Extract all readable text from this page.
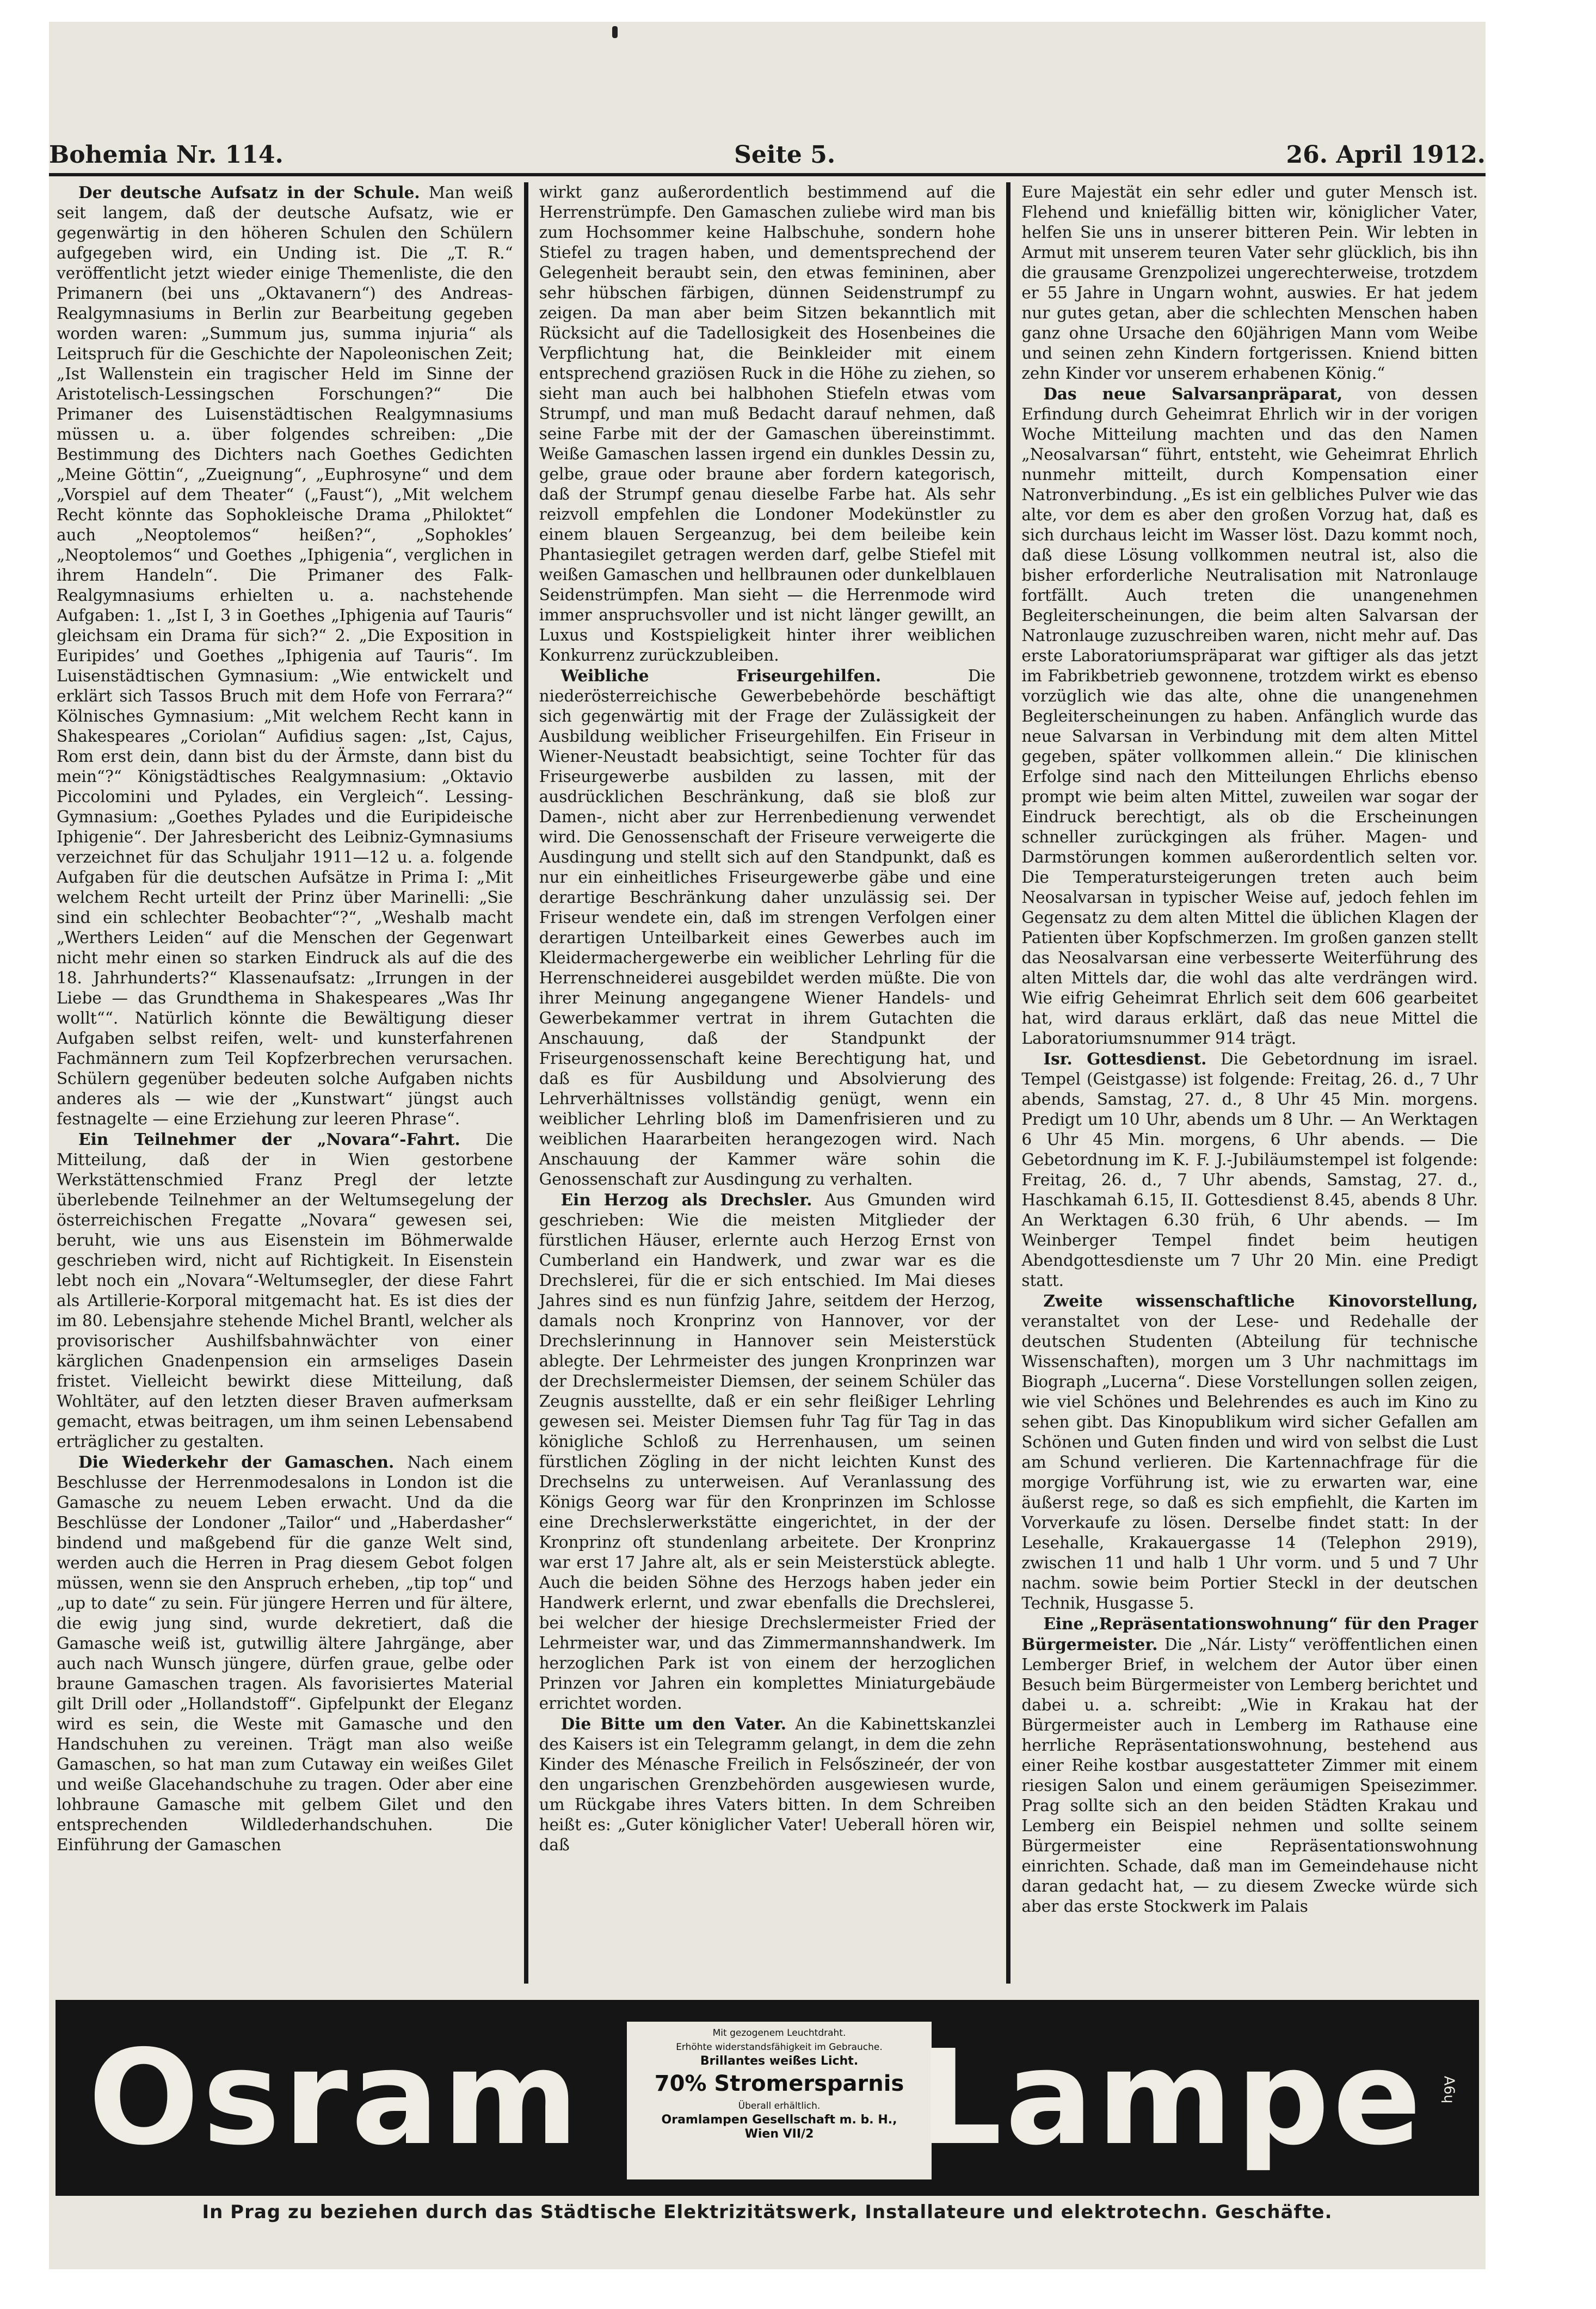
Bohemia Nr. 114.	Seite 5.	26. April 1912.

Der deutsche Aufsatz in der Schule. Man weiß seit langem, daß der deutsche Aufsatz, wie er gegenwärtig in den höheren Schulen den Schülern aufgegeben wird, ein Unding ist. Die „T. R.“ veröffentlicht jetzt wieder einige Themenliste, die den Primanern (bei uns „Oktavanern“) des Andreas-Realgymnasiums in Berlin zur Bearbeitung gegeben worden waren: „Summum jus, summa injuria“ als Leitspruch für die Geschichte der Napoleonischen Zeit; „Ist Wallenstein ein tragischer Held im Sinne der Aristotelisch-Lessingschen Forschungen?“ Die Primaner des Luisenstädtischen Realgymnasiums müssen u. a. über folgendes schreiben: „Die Bestimmung des Dichters nach Goethes Gedichten „Meine Göttin“, „Zueignung“, „Euphrosyne“ und dem „Vorspiel auf dem Theater“ („Faust“), „Mit welchem Recht könnte das Sophokleische Drama „Philoktet“ auch „Neoptolemos“ heißen?“, „Sophokles’ „Neoptolemos“ und Goethes „Iphigenia“, verglichen in ihrem Handeln“. Die Primaner des Falk-Realgymnasiums erhielten u. a. nachstehende Aufgaben: 1. „Ist I, 3 in Goethes „Iphigenia auf Tauris“ gleichsam ein Drama für sich?“ 2. „Die Exposition in Euripides’ und Goethes „Iphigenia auf Tauris“. Im Luisenstädtischen Gymnasium: „Wie entwickelt und erklärt sich Tassos Bruch mit dem Hofe von Ferrara?“ Kölnisches Gymnasium: „Mit welchem Recht kann in Shakespeares „Coriolan“ Aufidius sagen: „Ist, Cajus, Rom erst dein, dann bist du der Ärmste, dann bist du mein“?“ Königstädtisches Realgymnasium: „Oktavio Piccolomini und Pylades, ein Vergleich“. Lessing-Gymnasium: „Goethes Pylades und die Euripideische Iphigenie“. Der Jahresbericht des Leibniz-Gymnasiums verzeichnet für das Schuljahr 1911—12 u. a. folgende Aufgaben für die deutschen Aufsätze in Prima I: „Mit welchem Recht urteilt der Prinz über Marinelli: „Sie sind ein schlechter Beobachter“?“, „Weshalb macht „Werthers Leiden“ auf die Menschen der Gegenwart nicht mehr einen so starken Eindruck als auf die des 18. Jahrhunderts?“ Klassenaufsatz: „Irrungen in der Liebe — das Grundthema in Shakespeares „Was Ihr wollt““. Natürlich könnte die Bewältigung dieser Aufgaben selbst reifen, welt- und kunsterfahrenen Fachmännern zum Teil Kopfzerbrechen verursachen. Schülern gegenüber bedeuten solche Aufgaben nichts anderes als — wie der „Kunstwart“ jüngst auch festnagelte — eine Erziehung zur leeren Phrase“.

Ein Teilnehmer der „Novara“-Fahrt. Die Mitteilung, daß der in Wien gestorbene Werkstättenschmied Franz Pregl der letzte überlebende Teilnehmer an der Weltumsegelung der österreichischen Fregatte „Novara“ gewesen sei, beruht, wie uns aus Eisenstein im Böhmerwalde geschrieben wird, nicht auf Richtigkeit. In Eisenstein lebt noch ein „Novara“-Weltumsegler, der diese Fahrt als Artillerie-Korporal mitgemacht hat. Es ist dies der im 80. Lebensjahre stehende Michel Brantl, welcher als provisorischer Aushilfsbahnwächter von einer kärglichen Gnadenpension ein armseliges Dasein fristet. Vielleicht bewirkt diese Mitteilung, daß Wohltäter, auf den letzten dieser Braven aufmerksam gemacht, etwas beitragen, um ihm seinen Lebensabend erträglicher zu gestalten.

Die Wiederkehr der Gamaschen. Nach einem Beschlusse der Herrenmodesalons in London ist die Gamasche zu neuem Leben erwacht. Und da die Beschlüsse der Londoner „Tailor“ und „Haberdasher“ bindend und maßgebend für die ganze Welt sind, werden auch die Herren in Prag diesem Gebot folgen müssen, wenn sie den Anspruch erheben, „tip top“ und „up to date“ zu sein. Für jüngere Herren und für ältere, die ewig jung sind, wurde dekretiert, daß die Gamasche weiß ist, gutwillig ältere Jahrgänge, aber auch nach Wunsch jüngere, dürfen graue, gelbe oder braune Gamaschen tragen. Als favorisiertes Material gilt Drill oder „Hollandstoff“. Gipfelpunkt der Eleganz wird es sein, die Weste mit Gamasche und den Handschuhen zu vereinen. Trägt man also weiße Gamaschen, so hat man zum Cutaway ein weißes Gilet und weiße Glacehandschuhe zu tragen. Oder aber eine lohbraune Gamasche mit gelbem Gilet und den entsprechenden Wildlederhandschuhen. Die Einführung der Gamaschen

wirkt ganz außerordentlich bestimmend auf die Herrenstrümpfe. Den Gamaschen zuliebe wird man bis zum Hochsommer keine Halbschuhe, sondern hohe Stiefel zu tragen haben, und dementsprechend der Gelegenheit beraubt sein, den etwas femininen, aber sehr hübschen färbigen, dünnen Seidenstrumpf zu zeigen. Da man aber beim Sitzen bekanntlich mit Rücksicht auf die Tadellosigkeit des Hosenbeines die Verpflichtung hat, die Beinkleider mit einem entsprechend graziösen Ruck in die Höhe zu ziehen, so sieht man auch bei halbhohen Stiefeln etwas vom Strumpf, und man muß Bedacht darauf nehmen, daß seine Farbe mit der der Gamaschen übereinstimmt. Weiße Gamaschen lassen irgend ein dunkles Dessin zu, gelbe, graue oder braune aber fordern kategorisch, daß der Strumpf genau dieselbe Farbe hat. Als sehr reizvoll empfehlen die Londoner Modekünstler zu einem blauen Sergeanzug, bei dem beileibe kein Phantasiegilet getragen werden darf, gelbe Stiefel mit weißen Gamaschen und hellbraunen oder dunkelblauen Seidenstrümpfen. Man sieht — die Herrenmode wird immer anspruchsvoller und ist nicht länger gewillt, an Luxus und Kostspieligkeit hinter ihrer weiblichen Konkurrenz zurückzubleiben.

Weibliche Friseurgehilfen.	Die niederösterreichische Gewerbebehörde beschäftigt sich gegenwärtig mit der Frage der Zulässigkeit der Ausbildung weiblicher Friseurgehilfen. Ein Friseur in Wiener-Neustadt beabsichtigt, seine Tochter für das Friseurgewerbe ausbilden zu lassen, mit der ausdrücklichen Beschränkung, daß sie bloß zur Damen-, nicht aber zur Herrenbedienung verwendet wird. Die Genossenschaft der Friseure verweigerte die Ausdingung und stellt sich auf den Standpunkt, daß es nur ein einheitliches Friseurgewerbe gäbe und eine derartige Beschränkung daher unzulässig sei. Der Friseur wendete ein, daß im strengen Verfolgen einer derartigen Unteilbarkeit eines Gewerbes auch im Kleidermachergewerbe ein weiblicher Lehrling für die Herrenschneiderei ausgebildet werden müßte. Die von ihrer Meinung angegangene Wiener Handels- und Gewerbekammer vertrat in ihrem Gutachten die Anschauung, daß der Standpunkt der Friseurgenossenschaft keine Berechtigung hat, und daß es für Ausbildung und Absolvierung des Lehrverhältnisses vollständig genügt, wenn ein weiblicher Lehrling bloß im Damenfrisieren und zu weiblichen Haararbeiten herangezogen wird. Nach Anschauung der Kammer wäre sohin die Genossenschaft zur Ausdingung zu verhalten.

Ein Herzog als Drechsler. Aus Gmunden wird geschrieben: Wie die meisten Mitglieder der fürstlichen Häuser, erlernte auch Herzog Ernst von Cumberland ein Handwerk, und zwar war es die Drechslerei, für die er sich entschied. Im Mai dieses Jahres sind es nun fünfzig Jahre, seitdem der Herzog, damals noch Kronprinz von Hannover, vor der Drechslerinnung in Hannover sein Meisterstück ablegte. Der Lehrmeister des jungen Kronprinzen war der Drechslermeister Diemsen, der seinem Schüler das Zeugnis ausstellte, daß er ein sehr fleißiger Lehrling gewesen sei. Meister Diemsen fuhr Tag für Tag in das königliche Schloß zu Herrenhausen, um seinen fürstlichen Zögling in der nicht leichten Kunst des Drechselns zu unterweisen. Auf Veranlassung des Königs Georg war für den Kronprinzen im Schlosse eine Drechslerwerkstätte eingerichtet, in der der Kronprinz oft stundenlang arbeitete. Der Kronprinz war erst 17 Jahre alt, als er sein Meisterstück ablegte. Auch die beiden Söhne des Herzogs haben jeder ein Handwerk erlernt, und zwar ebenfalls die Drechslerei, bei welcher der hiesige Drechslermeister Fried der Lehrmeister war, und das Zimmermannshandwerk. Im herzoglichen Park ist von einem der herzoglichen Prinzen vor Jahren ein komplettes Miniaturgebäude errichtet worden.

Die Bitte um den Vater. An die Kabinettskanzlei des Kaisers ist ein Telegramm gelangt, in dem die zehn Kinder des Ménasche Freilich in Felsőszineér, der von den ungarischen Grenzbehörden ausgewiesen wurde, um Rückgabe ihres Vaters bitten. In dem Schreiben heißt es: „Guter königlicher Vater! Ueberall hören wir, daß

Eure Majestät ein sehr edler und guter Mensch ist. Flehend und kniefällig bitten wir, königlicher Vater, helfen Sie uns in unserer bitteren Pein. Wir lebten in Armut mit unserem teuren Vater sehr glücklich, bis ihn die grausame Grenzpolizei ungerechterweise, trotzdem er 55 Jahre in Ungarn wohnt, auswies. Er hat jedem nur gutes getan, aber die schlechten Menschen haben ganz ohne Ursache den 60jährigen Mann vom Weibe und seinen zehn Kindern fortgerissen. Kniend bitten zehn Kinder vor unserem erhabenen König.“

Das neue Salvarsanpräparat, von dessen Erfindung durch Geheimrat Ehrlich wir in der vorigen Woche Mitteilung machten und das den Namen „Neosalvarsan“ führt, entsteht, wie Geheimrat Ehrlich nunmehr mitteilt, durch Kompensation einer Natronverbindung. „Es ist ein gelbliches Pulver wie das alte, vor dem es aber den großen Vorzug hat, daß es sich durchaus leicht im Wasser löst. Dazu kommt noch, daß diese Lösung vollkommen neutral ist, also die bisher erforderliche Neutralisation mit Natronlauge fortfällt. Auch treten die unangenehmen Begleiterscheinungen, die beim alten Salvarsan der Natronlauge zuzuschreiben waren, nicht mehr auf. Das erste Laboratoriumspräparat war giftiger als das jetzt im Fabrikbetrieb gewonnene, trotzdem wirkt es ebenso vorzüglich wie das alte, ohne die unangenehmen Begleiterscheinungen zu haben. Anfänglich wurde das neue Salvarsan in Verbindung mit dem alten Mittel gegeben, später vollkommen allein.“ Die klinischen Erfolge sind nach den Mitteilungen Ehrlichs ebenso prompt wie beim alten Mittel, zuweilen war sogar der Eindruck berechtigt, als ob die Erscheinungen schneller zurückgingen als früher. Magen- und Darmstörungen kommen außerordentlich selten vor. Die Temperatursteigerungen treten auch beim Neosalvarsan in typischer Weise auf, jedoch fehlen im Gegensatz zu dem alten Mittel die üblichen Klagen der Patienten über Kopfschmerzen. Im großen ganzen stellt das Neosalvarsan eine verbesserte Weiterführung des alten Mittels dar, die wohl das alte verdrängen wird. Wie eifrig Geheimrat Ehrlich seit dem 606 gearbeitet hat, wird daraus erklärt, daß das neue Mittel die Laboratoriumsnummer 914 trägt.

Isr. Gottesdienst. Die Gebetordnung im israel. Tempel (Geistgasse) ist folgende: Freitag, 26. d., 7 Uhr abends, Samstag, 27. d., 8 Uhr 45 Min. morgens. Predigt um 10 Uhr, abends um 8 Uhr. — An Werktagen 6 Uhr 45 Min. morgens, 6 Uhr abends. — Die Gebetordnung im K. F. J.-Jubiläumstempel ist folgende: Freitag, 26. d., 7 Uhr abends, Samstag, 27. d., Haschkamah 6.15, II. Gottesdienst 8.45, abends 8 Uhr. An Werktagen 6.30 früh, 6 Uhr abends. — Im Weinberger Tempel findet beim heutigen Abendgottesdienste um 7 Uhr 20 Min. eine Predigt statt.

Zweite wissenschaftliche Kinovorstellung, veranstaltet von der Lese- und Redehalle der deutschen Studenten (Abteilung für technische Wissenschaften), morgen um 3 Uhr nachmittags im Biograph „Lucerna“. Diese Vorstellungen sollen zeigen, wie viel Schönes und Belehrendes es auch im Kino zu sehen gibt. Das Kinopublikum wird sicher Gefallen am Schönen und Guten finden und wird von selbst die Lust am Schund verlieren. Die Kartennachfrage für die morgige Vorführung ist, wie zu erwarten war, eine äußerst rege, so daß es sich empfiehlt, die Karten im Vorverkaufe zu lösen. Derselbe findet statt: In der Lesehalle, Krakauergasse 14 (Telephon 2919), zwischen 11 und halb 1 Uhr vorm. und 5 und 7 Uhr nachm. sowie beim Portier Steckl in der deutschen Technik, Husgasse 5.

Eine „Repräsentationswohnung“ für den Prager Bürgermeister. Die „Nár. Listy“ veröffentlichen einen Lemberger Brief, in welchem der Autor über einen Besuch beim Bürgermeister von Lemberg berichtet und dabei u. a. schreibt: „Wie in Krakau hat der Bürgermeister auch in Lemberg im Rathause eine herrliche Repräsentationswohnung, bestehend aus einer Reihe kostbar ausgestatteter Zimmer mit einem riesigen Salon und einem geräumigen Speisezimmer. Prag sollte sich an den beiden Städten Krakau und Lemberg ein Beispiel nehmen und sollte seinem Bürgermeister eine Repräsentationswohnung einrichten. Schade, daß man im Gemeindehause nicht daran gedacht hat, — zu diesem Zwecke würde sich aber das erste Stockwerk im Palais

Osram	Mit gezogenem Leuchtdraht.
Erhöhte widerstandsfähigkeit im Gebrauche.
Brillantes weißes Licht.
70% Stromersparnis
Überall erhältlich.
Oramlampen Gesellschaft m. b. H.,
Wien VII/2 Lampe A6ɥ
In Prag zu beziehen durch das Städtische Elektrizitätswerk, Installateure und elektrotechn. Geschäfte.
